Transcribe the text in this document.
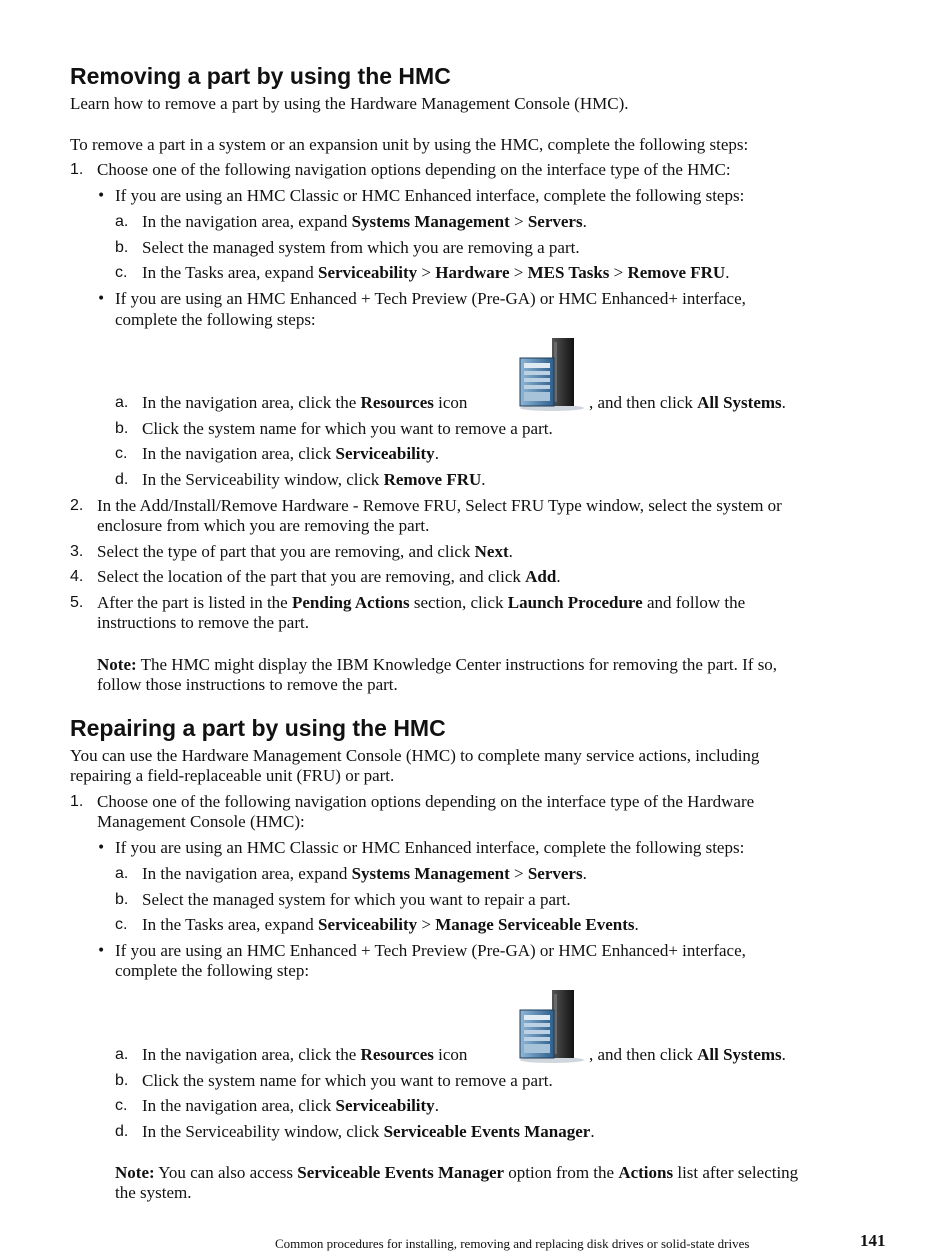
Removing a part by using the HMC
Learn how to remove a part by using the Hardware Management Console (HMC).
To remove a part in a system or an expansion unit by using the HMC, complete the following steps:
1. Choose one of the following navigation options depending on the interface type of the HMC:
• If you are using an HMC Classic or HMC Enhanced interface, complete the following steps:
a. In the navigation area, expand Systems Management > Servers.
b. Select the managed system from which you are removing a part.
c. In the Tasks area, expand Serviceability > Hardware > MES Tasks > Remove FRU.
• If you are using an HMC Enhanced + Tech Preview (Pre-GA) or HMC Enhanced+ interface,
complete the following steps:
a. In the navigation area, click the Resources icon	, and then click All Systems.
b. Click the system name for which you want to remove a part.
c. In the navigation area, click Serviceability.
d. In the Serviceability window, click Remove FRU.
2. In the Add/Install/Remove Hardware - Remove FRU, Select FRU Type window, select the system or
enclosure from which you are removing the part.
3. Select the type of part that you are removing, and click Next.
4. Select the location of the part that you are removing, and click Add.
5. After the part is listed in the Pending Actions section, click Launch Procedure and follow the
instructions to remove the part.
Note: The HMC might display the IBM Knowledge Center instructions for removing the part. If so,
follow those instructions to remove the part.
Repairing a part by using the HMC
You can use the Hardware Management Console (HMC) to complete many service actions, including
repairing a field-replaceable unit (FRU) or part.
1. Choose one of the following navigation options depending on the interface type of the Hardware
Management Console (HMC):
• If you are using an HMC Classic or HMC Enhanced interface, complete the following steps:
a. In the navigation area, expand Systems Management > Servers.
b. Select the managed system for which you want to repair a part.
c. In the Tasks area, expand Serviceability > Manage Serviceable Events.
• If you are using an HMC Enhanced + Tech Preview (Pre-GA) or HMC Enhanced+ interface,
complete the following step:
a. In the navigation area, click the Resources icon	, and then click All Systems.
b. Click the system name for which you want to remove a part.
c. In the navigation area, click Serviceability.
d. In the Serviceability window, click Serviceable Events Manager.
Note: You can also access Serviceable Events Manager option from the Actions list after selecting
the system.
Common procedures for installing, removing and replacing disk drives or solid-state drives	141
